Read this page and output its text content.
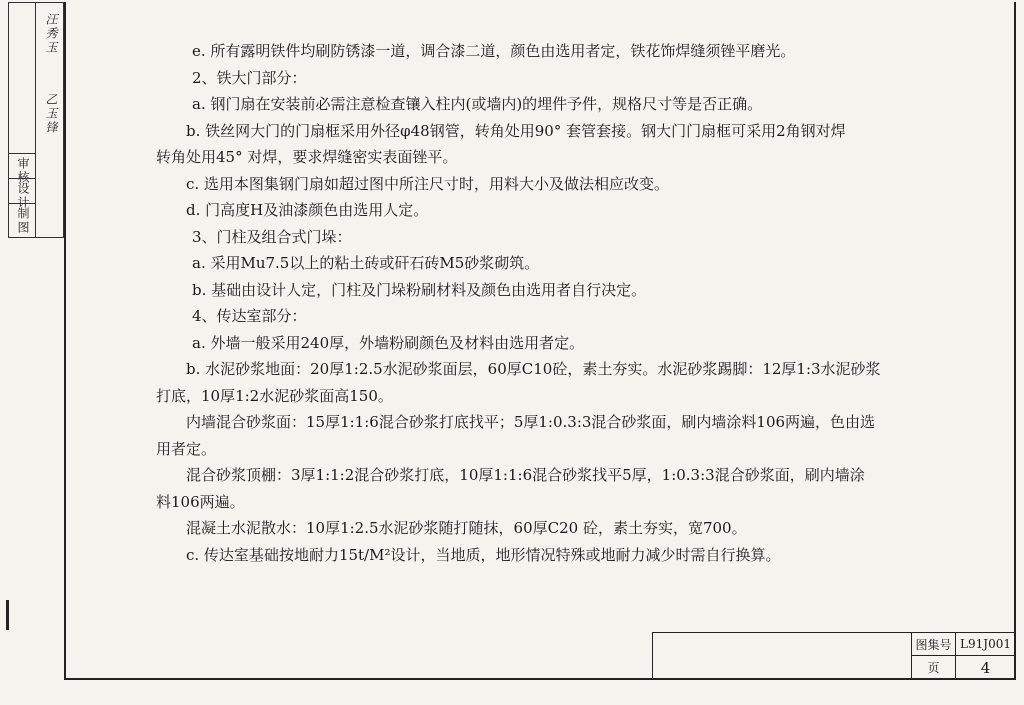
审核
设计
制图
汪秀玉
乙玉锋

e. 所有露明铁件均刷防锈漆一道，调合漆二道，颜色由选用者定，铁花饰焊缝须锉平磨光。

2、铁大门部分：

a. 钢门扇在安装前必需注意检查镶入柱内(或墙内)的埋件予件，规格尺寸等是否正确。

b. 铁丝网大门的门扇框采用外径φ48钢管，转角处用90° 套管套接。钢大门门扇框可采用2角钢对焊

转角处用45° 对焊，要求焊缝密实表面锉平。

c. 选用本图集钢门扇如超过图中所注尺寸时，用料大小及做法相应改变。

d. 门高度H及油漆颜色由选用人定。

3、门柱及组合式门垛：

a. 采用Mu7.5以上的粘土砖或矸石砖M5砂浆砌筑。

b. 基础由设计人定，门柱及门垛粉刷材料及颜色由选用者自行决定。

4、传达室部分：

a. 外墙一般采用240厚，外墙粉刷颜色及材料由选用者定。

b. 水泥砂浆地面：20厚1:2.5水泥砂浆面层，60厚C10砼，素土夯实。水泥砂浆踢脚：12厚1:3水泥砂浆

打底，10厚1:2水泥砂浆面高150。

内墙混合砂浆面：15厚1:1:6混合砂浆打底找平；5厚1:0.3:3混合砂浆面，刷内墙涂料106两遍，色由选

用者定。

混合砂浆顶棚：3厚1:1:2混合砂浆打底，10厚1:1:6混合砂浆找平5厚，1:0.3:3混合砂浆面，刷内墙涂

料106两遍。

混凝土水泥散水：10厚1:2.5水泥砂浆随打随抹，60厚C20 砼，素土夯实，宽700。

c. 传达室基础按地耐力15t/M²设计，当地质，地形情况特殊或地耐力减少时需自行换算。

图集号 L91J001
页	4
